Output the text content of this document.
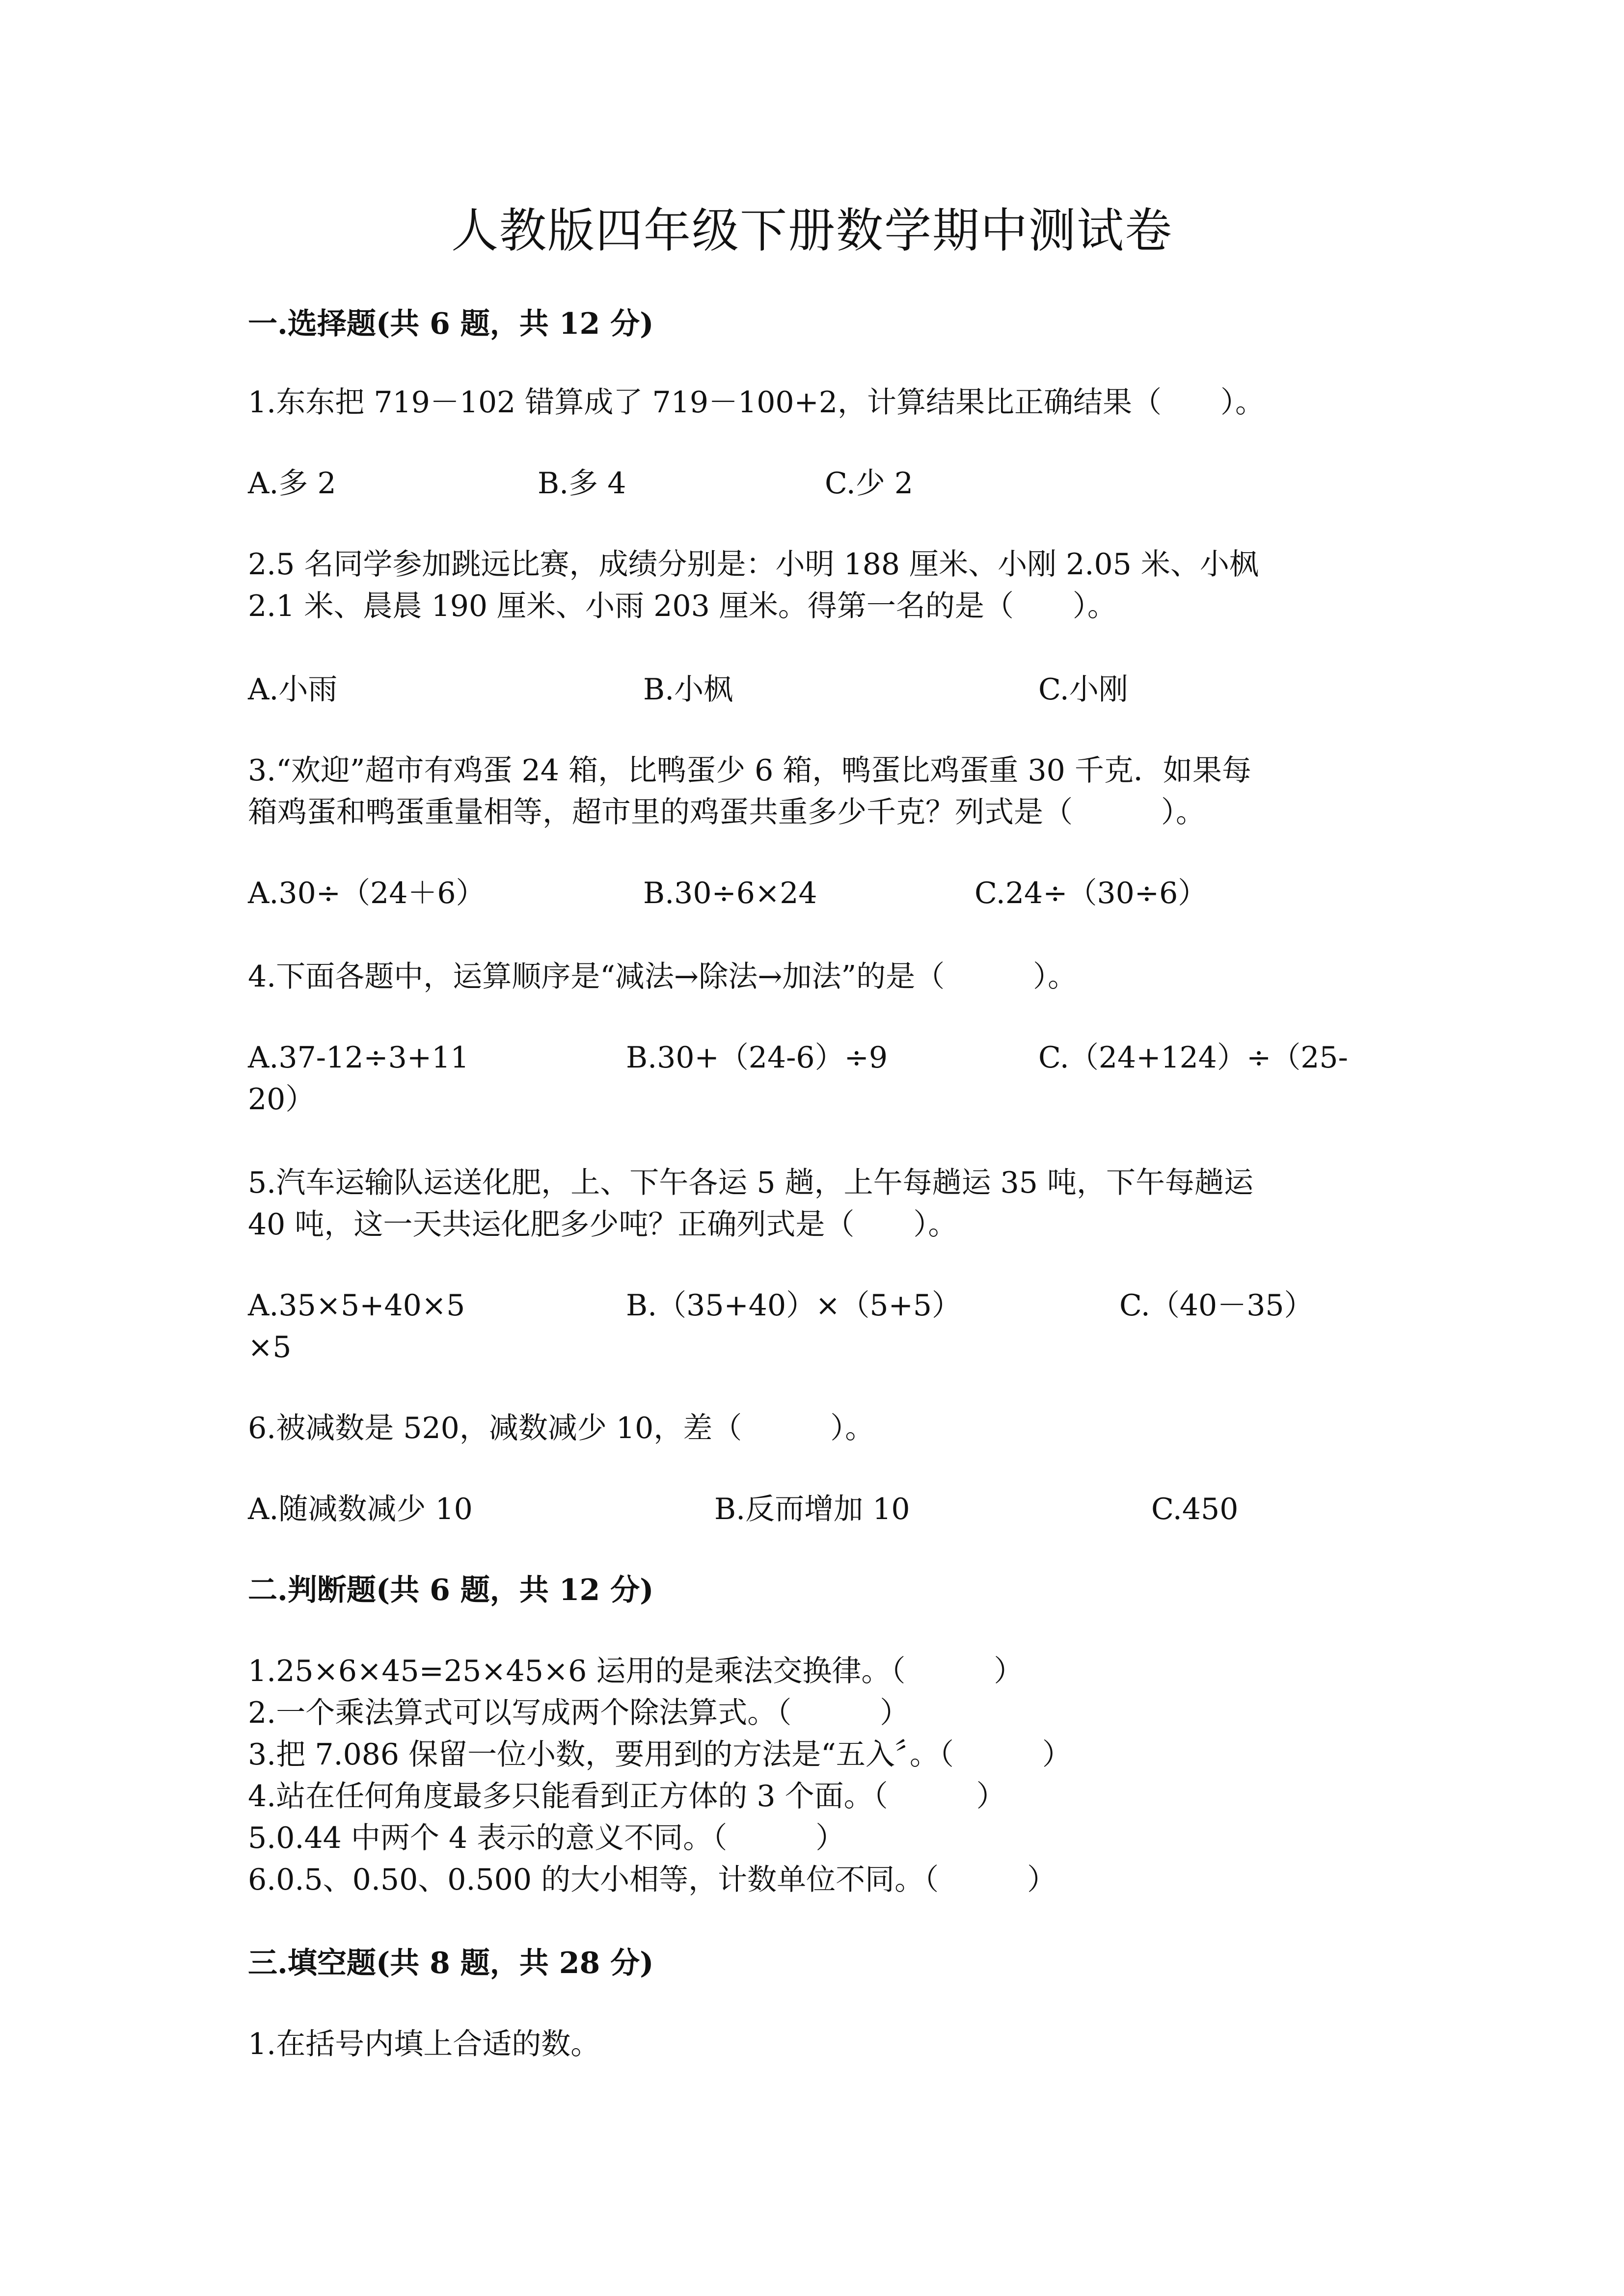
人教版四年级下册数学期中测试卷
一.选择题(共 6 题，共 12 分)
1.东东把 719－102 错算成了 719－100+2，计算结果比正确结果（　　）。
A.多 2	B.多 4	C.少 2
2.5 名同学参加跳远比赛，成绩分别是：小明 188 厘米、小刚 2.05 米、小枫
2.1 米、晨晨 190 厘米、小雨 203 厘米。得第一名的是（　　）。
A.小雨	B.小枫	C.小刚
3.“欢迎”超市有鸡蛋 24 箱，比鸭蛋少 6 箱，鸭蛋比鸡蛋重 30 千克．如果每
箱鸡蛋和鸭蛋重量相等，超市里的鸡蛋共重多少千克？列式是（　　　）。
A.30÷（24＋6）	B.30÷6×24	C.24÷（30÷6）
4.下面各题中，运算顺序是“减法→除法→加法”的是（　　　）。
A.37-12÷3+11	B.30+（24-6）÷9	C.（24+124）÷（25-
20）
5.汽车运输队运送化肥，上、下午各运 5 趟，上午每趟运 35 吨，下午每趟运
40 吨，这一天共运化肥多少吨？正确列式是（　　）。
A.35×5+40×5	B.（35+40）×（5+5）	C.（40－35）
×5
6.被减数是 520，减数减少 10，差（　　　）。
A.随减数减少 10	B.反而增加 10	C.450
二.判断题(共 6 题，共 12 分)
1.25×6×45=25×45×6 运用的是乘法交换律。（　　　）
2.一个乘法算式可以写成两个除法算式。（　　　）
3.把 7.086 保留一位小数，要用到的方法是“五入〞。（　　　）
4.站在任何角度最多只能看到正方体的 3 个面。（　　　）
5.0.44 中两个 4 表示的意义不同。（　　　）
6.0.5、0.50、0.500 的大小相等，计数单位不同。（　　　）
三.填空题(共 8 题，共 28 分)
1.在括号内填上合适的数。
